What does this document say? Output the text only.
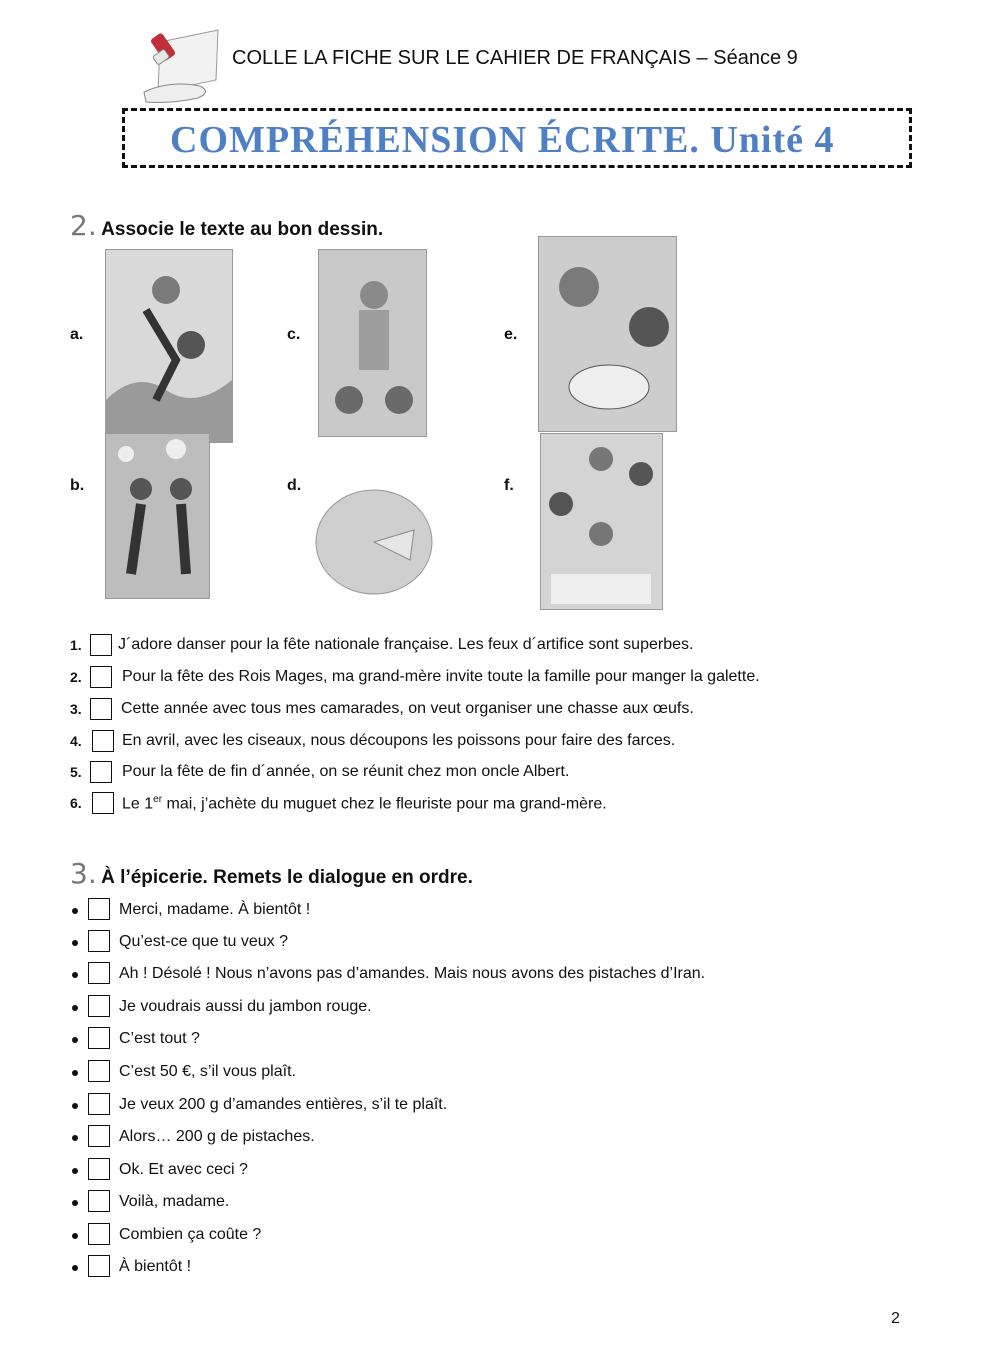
COLLE LA FICHE SUR LE CAHIER DE FRANÇAIS – Séance 9
COMPRÉHENSION ÉCRITE. Unité 4
2. Associe le texte au bon dessin.
a.
b.
c.
d.
e.
f.
1. J´adore danser pour la fête nationale française. Les feux d´artifice sont superbes.
2.	Pour la fête des Rois Mages, ma grand-mère invite toute la famille pour manger la galette.
3. Cette année avec tous mes camarades, on veut organiser une chasse aux œufs.
4.	En avril, avec les ciseaux, nous découpons les poissons pour faire des farces.
5.	Pour la fête de fin d´année, on se réunit chez mon oncle Albert.
6.	Le 1er mai, j’achète du muguet chez le fleuriste pour ma grand-mère.
3. À l’épicerie. Remets le dialogue en ordre.
Merci, madame. À bientôt !
Qu’est-ce que tu veux ?
Ah ! Désolé ! Nous n’avons pas d’amandes. Mais nous avons des pistaches d’Iran.
Je voudrais aussi du jambon rouge.
C’est tout ?
C’est 50 €, s’il vous plaît.
Je veux 200 g d’amandes entières, s’il te plaît.
Alors… 200 g de pistaches.
Ok. Et avec ceci ?
Voilà, madame.
Combien ça coûte ?
À bientôt !
2
